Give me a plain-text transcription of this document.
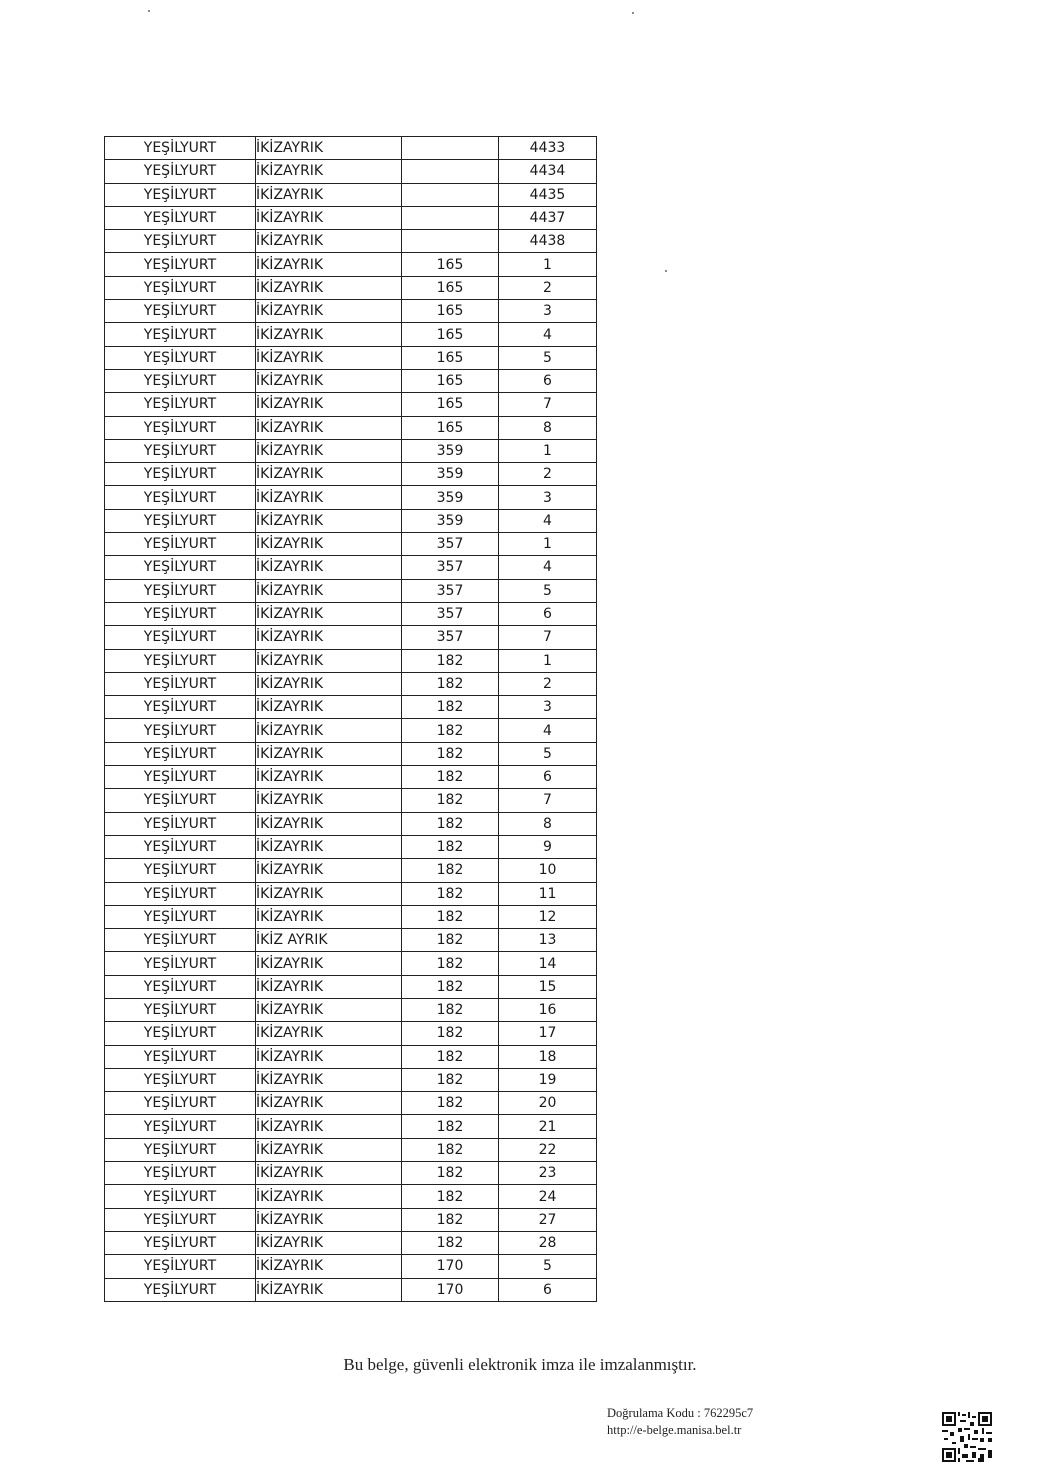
YEŞİLYURT	İKİZAYRIK		4433
YEŞİLYURT	İKİZAYRIK		4434
YEŞİLYURT	İKİZAYRIK		4435
YEŞİLYURT	İKİZAYRIK		4437
YEŞİLYURT	İKİZAYRIK		4438
YEŞİLYURT	İKİZAYRIK	165	1
YEŞİLYURT	İKİZAYRIK	165	2
YEŞİLYURT	İKİZAYRIK	165	3
YEŞİLYURT	İKİZAYRIK	165	4
YEŞİLYURT	İKİZAYRIK	165	5
YEŞİLYURT	İKİZAYRIK	165	6
YEŞİLYURT	İKİZAYRIK	165	7
YEŞİLYURT	İKİZAYRIK	165	8
YEŞİLYURT	İKİZAYRIK	359	1
YEŞİLYURT	İKİZAYRIK	359	2
YEŞİLYURT	İKİZAYRIK	359	3
YEŞİLYURT	İKİZAYRIK	359	4
YEŞİLYURT	İKİZAYRIK	357	1
YEŞİLYURT	İKİZAYRIK	357	4
YEŞİLYURT	İKİZAYRIK	357	5
YEŞİLYURT	İKİZAYRIK	357	6
YEŞİLYURT	İKİZAYRIK	357	7
YEŞİLYURT	İKİZAYRIK	182	1
YEŞİLYURT	İKİZAYRIK	182	2
YEŞİLYURT	İKİZAYRIK	182	3
YEŞİLYURT	İKİZAYRIK	182	4
YEŞİLYURT	İKİZAYRIK	182	5
YEŞİLYURT	İKİZAYRIK	182	6
YEŞİLYURT	İKİZAYRIK	182	7
YEŞİLYURT	İKİZAYRIK	182	8
YEŞİLYURT	İKİZAYRIK	182	9
YEŞİLYURT	İKİZAYRIK	182	10
YEŞİLYURT	İKİZAYRIK	182	11
YEŞİLYURT	İKİZAYRIK	182	12
YEŞİLYURT	İKİZ AYRIK	182	13
YEŞİLYURT	İKİZAYRIK	182	14
YEŞİLYURT	İKİZAYRIK	182	15
YEŞİLYURT	İKİZAYRIK	182	16
YEŞİLYURT	İKİZAYRIK	182	17
YEŞİLYURT	İKİZAYRIK	182	18
YEŞİLYURT	İKİZAYRIK	182	19
YEŞİLYURT	İKİZAYRIK	182	20
YEŞİLYURT	İKİZAYRIK	182	21
YEŞİLYURT	İKİZAYRIK	182	22
YEŞİLYURT	İKİZAYRIK	182	23
YEŞİLYURT	İKİZAYRIK	182	24
YEŞİLYURT	İKİZAYRIK	182	27
YEŞİLYURT	İKİZAYRIK	182	28
YEŞİLYURT	İKİZAYRIK	170	5
YEŞİLYURT	İKİZAYRIK	170	6
Bu belge, güvenli elektronik imza ile imzalanmıştır.
Doğrulama Kodu : 762295c7
http://e-belge.manisa.bel.tr
